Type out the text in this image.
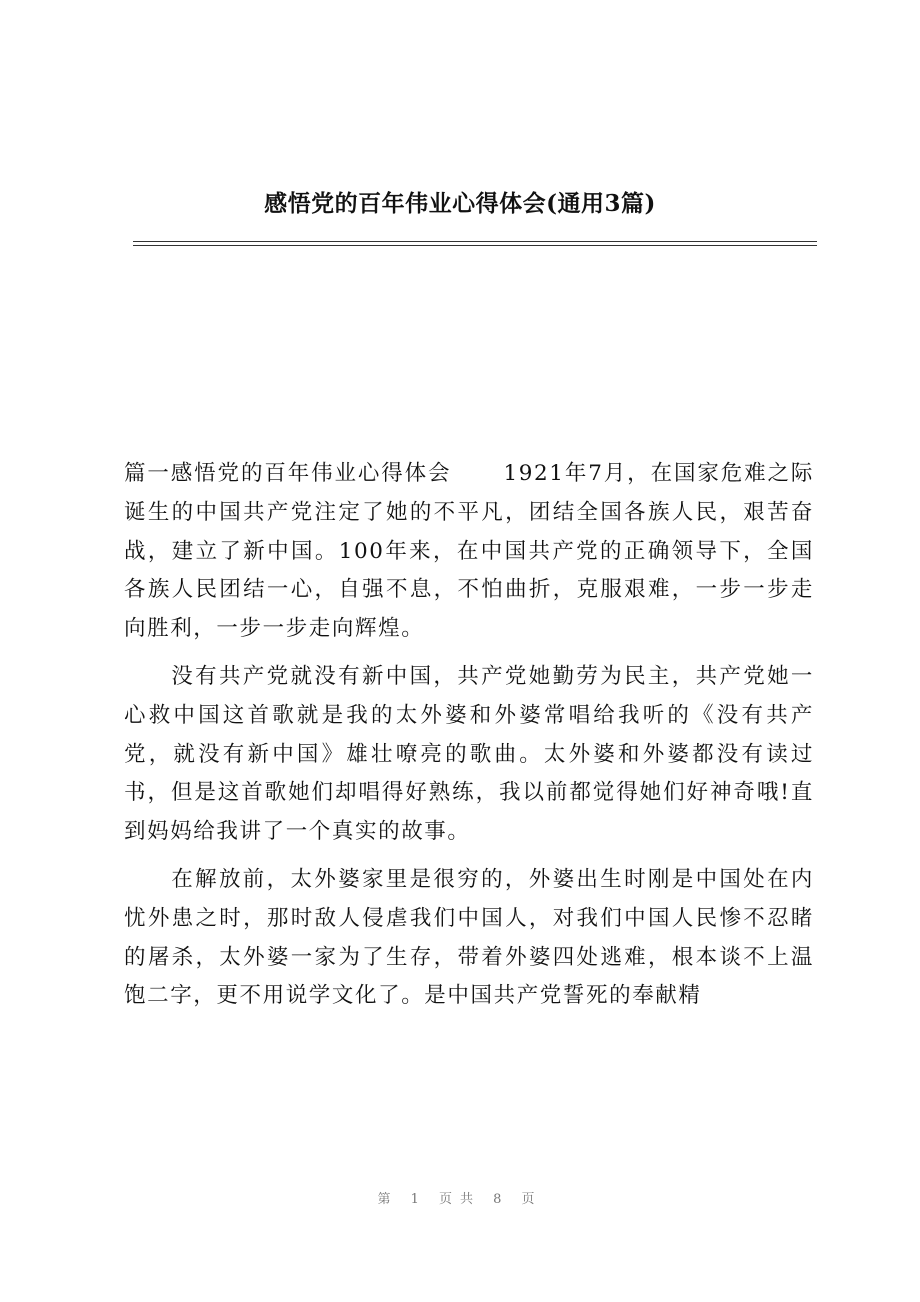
感悟党的百年伟业心得体会(通用3篇)

篇一感悟党的百年伟业心得体会 1921年7月，在国家危难之际诞生的中国共产党注定了她的不平凡，团结全国各族人民，艰苦奋战，建立了新中国。100年来，在中国共产党的正确领导下，全国各族人民团结一心，自强不息，不怕曲折，克服艰难，一步一步走向胜利，一步一步走向辉煌。

没有共产党就没有新中国，共产党她勤劳为民主，共产党她一心救中国这首歌就是我的太外婆和外婆常唱给我听的《没有共产党，就没有新中国》雄壮嘹亮的歌曲。太外婆和外婆都没有读过书，但是这首歌她们却唱得好熟练，我以前都觉得她们好神奇哦!直到妈妈给我讲了一个真实的故事。

在解放前，太外婆家里是很穷的，外婆出生时刚是中国处在内忧外患之时，那时敌人侵虐我们中国人，对我们中国人民惨不忍睹的屠杀，太外婆一家为了生存，带着外婆四处逃难，根本谈不上温饱二字，更不用说学文化了。是中国共产党誓死的奉献精

第 1 页共 8 页
